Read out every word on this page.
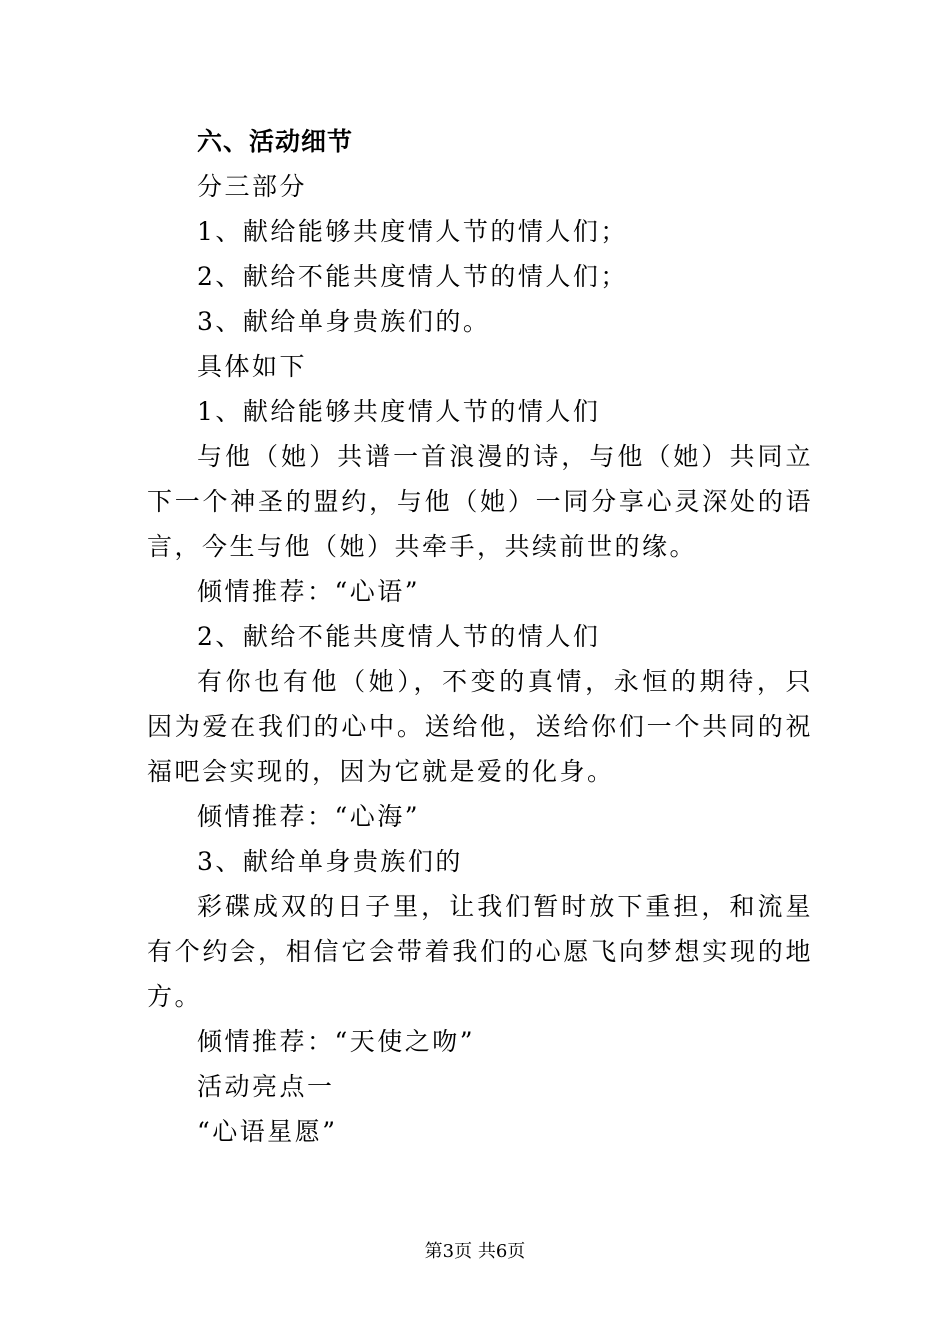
六、活动细节
分三部分
1、献给能够共度情人节的情人们；
2、献给不能共度情人节的情人们；
3、献给单身贵族们的。
具体如下
1、献给能够共度情人节的情人们
与他（她）共谱一首浪漫的诗，与他（她）共同立下一个神圣的盟约，与他（她）一同分享心灵深处的语言，今生与他（她）共牵手，共续前世的缘。
倾情推荐：“心语”
2、献给不能共度情人节的情人们
有你也有他（她），不变的真情，永恒的期待，只因为爱在我们的心中。送给他，送给你们一个共同的祝福吧会实现的，因为它就是爱的化身。
倾情推荐：“心海”
3、献给单身贵族们的
彩碟成双的日子里，让我们暂时放下重担，和流星有个约会，相信它会带着我们的心愿飞向梦想实现的地方。
倾情推荐：“天使之吻”
活动亮点一
“心语星愿”
第3页 共6页
